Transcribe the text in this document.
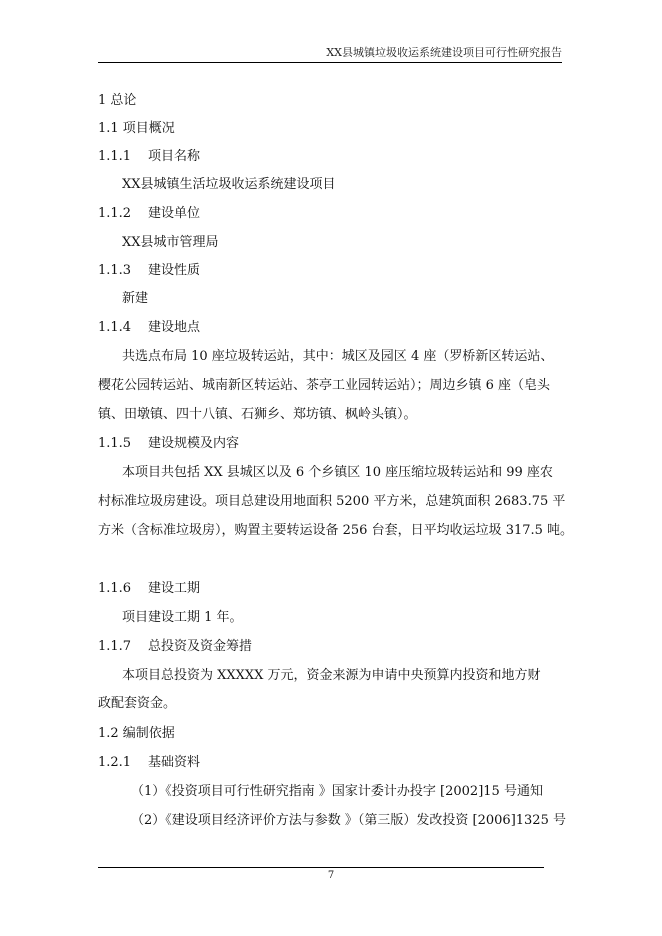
XX县城镇垃圾收运系统建设项目可行性研究报告
1 总论
1.1 项目概况
1.1.1 项目名称
XX县城镇生活垃圾收运系统建设项目
1.1.2 建设单位
XX县城市管理局
1.1.3 建设性质
新建
1.1.4 建设地点
共选点布局 10 座垃圾转运站，其中：城区及园区 4 座（罗桥新区转运站、
樱花公园转运站、城南新区转运站、茶亭工业园转运站）；周边乡镇 6 座（皂头
镇、田墩镇、四十八镇、石狮乡、郑坊镇、枫岭头镇）。
1.1.5 建设规模及内容
本项目共包括 XX 县城区以及 6 个乡镇区 10 座压缩垃圾转运站和 99 座农
村标准垃圾房建设。项目总建设用地面积 5200 平方米，总建筑面积 2683.75 平
方米（含标准垃圾房），购置主要转运设备 256 台套，日平均收运垃圾 317.5 吨。
1.1.6 建设工期
项目建设工期 1 年。
1.1.7 总投资及资金筹措
本项目总投资为 XXXXX 万元，资金来源为申请中央预算内投资和地方财
政配套资金。
1.2 编制依据
1.2.1 基础资料
（1）《投资项目可行性研究指南 》国家计委计办投字 [2002]15 号通知
（2）《建设项目经济评价方法与参数 》（第三版）发改投资 [2006]1325 号
7
